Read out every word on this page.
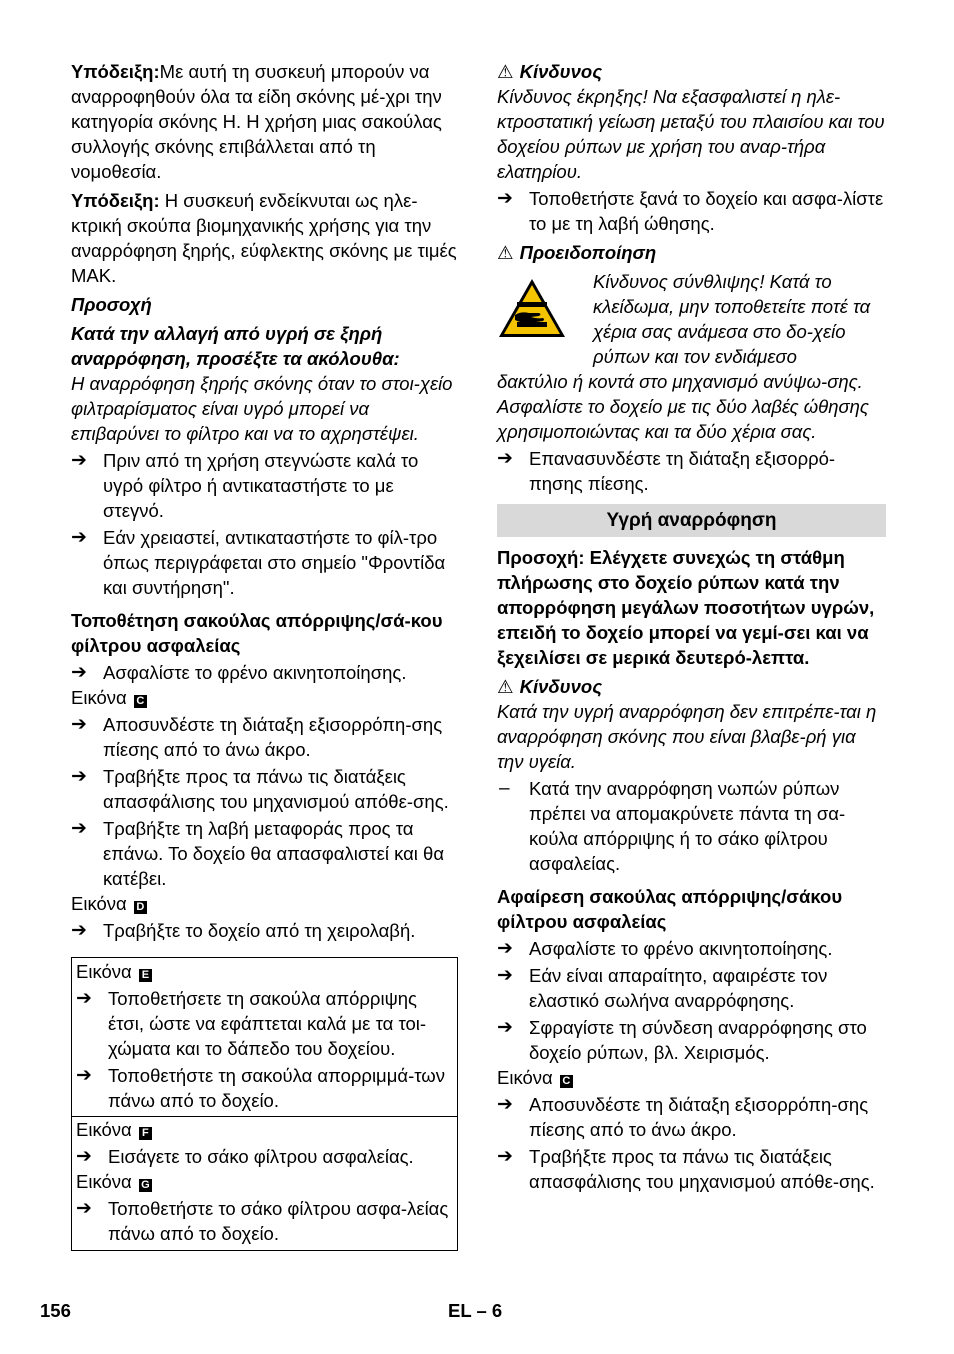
Υπόδειξη:Με αυτή τη συσκευή μπορούν να αναρροφηθούν όλα τα είδη σκόνης μέ-χρι την κατηγορία σκόνης H. Η χρήση μιας σακούλας συλλογής σκόνης επιβάλλεται από τη νομοθεσία.

Υπόδειξη: Η συσκευή ενδείκνυται ως ηλε-κτρική σκούπα βιομηχανικής χρήσης για την αναρρόφηση ξηρής, εύφλεκτης σκόνης με τιμές MAK.

Προσοχή

Κατά την αλλαγή από υγρή σε ξηρή αναρρόφηση, προσέξτε τα ακόλουθα:

Η αναρρόφηση ξηρής σκόνης όταν το στοι-χείο φιλτραρίσματος είναι υγρό μπορεί να επιβαρύνει το φίλτρο και να το αχρηστέψει.

➔ Πριν από τη χρήση στεγνώστε καλά το υγρό φίλτρο ή αντικαταστήστε το με στεγνό.
➔ Εάν χρειαστεί, αντικαταστήστε το φίλ-τρο όπως περιγράφεται στο σημείο "Φροντίδα και συντήρηση".

Τοποθέτηση σακούλας απόρριψης/σά-κου φίλτρου ασφαλείας

➔ Ασφαλίστε το φρένο ακινητοποίησης.

Εικόνα C

➔ Αποσυνδέστε τη διάταξη εξισορρόπη-σης πίεσης από το άνω άκρο.
➔ Τραβήξτε προς τα πάνω τις διατάξεις απασφάλισης του μηχανισμού απόθε-σης.
➔ Τραβήξτε τη λαβή μεταφοράς προς τα επάνω. Το δοχείο θα απασφαλιστεί και θα κατέβει.

Εικόνα D

➔ Τραβήξτε το δοχείο από τη χειρολαβή.

Εικόνα E

➔ Τοποθετήσετε τη σακούλα απόρριψης έτσι, ώστε να εφάπτεται καλά με τα τοι-χώματα και το δάπεδο του δοχείου.
➔ Τοποθετήστε τη σακούλα απορριμμά-των πάνω από το δοχείο.

Εικόνα F

➔ Εισάγετε το σάκο φίλτρου ασφαλείας.

Εικόνα G

➔ Τοποθετήστε το σάκο φίλτρου ασφα-λείας πάνω από το δοχείο.

⚠ Κίνδυνος

Κίνδυνος έκρηξης! Να εξασφαλιστεί η ηλε-κτροστατική γείωση μεταξύ του πλαισίου και του δοχείου ρύπων με χρήση του αναρ-τήρα ελατηρίου.

➔ Τοποθετήστε ξανά το δοχείο και ασφα-λίστε το με τη λαβή ώθησης.

⚠ Προειδοποίηση

Κίνδυνος σύνθλιψης! Κατά το κλείδωμα, μην τοποθετείτε ποτέ τα χέρια σας ανάμεσα στο δο-χείο ρύπων και τον ενδιάμεσο

δακτύλιο ή κοντά στο μηχανισμό ανύψω-σης. Ασφαλίστε το δοχείο με τις δύο λαβές ώθησης χρησιμοποιώντας και τα δύο χέρια σας.

➔ Επανασυνδέστε τη διάταξη εξισορρό-πησης πίεσης.
Υγρή αναρρόφηση

Προσοχή: Ελέγχετε συνεχώς τη στάθμη πλήρωσης στο δοχείο ρύπων κατά την απορρόφηση μεγάλων ποσοτήτων υγρών, επειδή το δοχείο μπορεί να γεμί-σει και να ξεχειλίσει σε μερικά δευτερό-λεπτα.

⚠ Κίνδυνος

Κατά την υγρή αναρρόφηση δεν επιτρέπε-ται η αναρρόφηση σκόνης που είναι βλαβε-ρή για την υγεία.

– Κατά την αναρρόφηση νωπών ρύπων πρέπει να απομακρύνετε πάντα τη σα-κούλα απόρριψης ή το σάκο φίλτρου ασφαλείας.

Αφαίρεση σακούλας απόρριψης/σάκου φίλτρου ασφαλείας

➔ Ασφαλίστε το φρένο ακινητοποίησης.
➔ Εάν είναι απαραίτητο, αφαιρέστε τον ελαστικό σωλήνα αναρρόφησης.
➔ Σφραγίστε τη σύνδεση αναρρόφησης στο δοχείο ρύπων, βλ. Χειρισμός.

Εικόνα C

➔ Αποσυνδέστε τη διάταξη εξισορρόπη-σης πίεσης από το άνω άκρο.
➔ Τραβήξτε προς τα πάνω τις διατάξεις απασφάλισης του μηχανισμού απόθε-σης.
156	EL – 6
